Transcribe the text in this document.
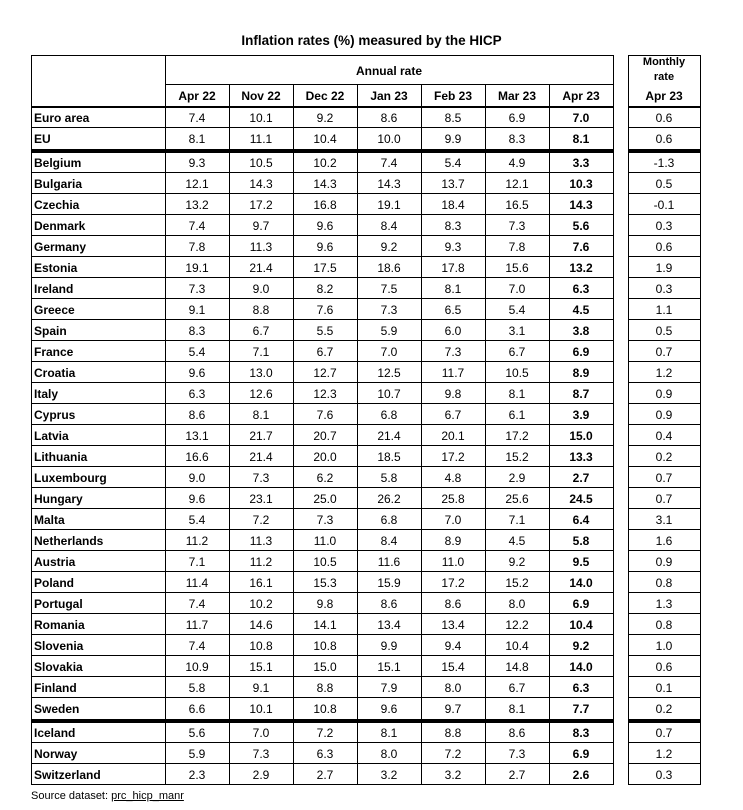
Inflation rates (%) measured by the HICP
Annual rate
Monthly
rate
Apr 22	Nov 22	Dec 22	Jan 23	Feb 23	Mar 23	Apr 23	Apr 23
Euro area	7.4	10.1	9.2	8.6	8.5	6.9	7.0	0.6
EU	8.1	11.1	10.4	10.0	9.9	8.3	8.1	0.6
Belgium	9.3	10.5	10.2	7.4	5.4	4.9	3.3	-1.3
Bulgaria	12.1	14.3	14.3	14.3	13.7	12.1	10.3	0.5
Czechia	13.2	17.2	16.8	19.1	18.4	16.5	14.3	-0.1
Denmark	7.4	9.7	9.6	8.4	8.3	7.3	5.6	0.3
Germany	7.8	11.3	9.6	9.2	9.3	7.8	7.6	0.6
Estonia	19.1	21.4	17.5	18.6	17.8	15.6	13.2	1.9
Ireland	7.3	9.0	8.2	7.5	8.1	7.0	6.3	0.3
Greece	9.1	8.8	7.6	7.3	6.5	5.4	4.5	1.1
Spain	8.3	6.7	5.5	5.9	6.0	3.1	3.8	0.5
France	5.4	7.1	6.7	7.0	7.3	6.7	6.9	0.7
Croatia	9.6	13.0	12.7	12.5	11.7	10.5	8.9	1.2
Italy	6.3	12.6	12.3	10.7	9.8	8.1	8.7	0.9
Cyprus	8.6	8.1	7.6	6.8	6.7	6.1	3.9	0.9
Latvia	13.1	21.7	20.7	21.4	20.1	17.2	15.0	0.4
Lithuania	16.6	21.4	20.0	18.5	17.2	15.2	13.3	0.2
Luxembourg	9.0	7.3	6.2	5.8	4.8	2.9	2.7	0.7
Hungary	9.6	23.1	25.0	26.2	25.8	25.6	24.5	0.7
Malta	5.4	7.2	7.3	6.8	7.0	7.1	6.4	3.1
Netherlands	11.2	11.3	11.0	8.4	8.9	4.5	5.8	1.6
Austria	7.1	11.2	10.5	11.6	11.0	9.2	9.5	0.9
Poland	11.4	16.1	15.3	15.9	17.2	15.2	14.0	0.8
Portugal	7.4	10.2	9.8	8.6	8.6	8.0	6.9	1.3
Romania	11.7	14.6	14.1	13.4	13.4	12.2	10.4	0.8
Slovenia	7.4	10.8	10.8	9.9	9.4	10.4	9.2	1.0
Slovakia	10.9	15.1	15.0	15.1	15.4	14.8	14.0	0.6
Finland	5.8	9.1	8.8	7.9	8.0	6.7	6.3	0.1
Sweden	6.6	10.1	10.8	9.6	9.7	8.1	7.7	0.2
Iceland	5.6	7.0	7.2	8.1	8.8	8.6	8.3	0.7
Norway	5.9	7.3	6.3	8.0	7.2	7.3	6.9	1.2
Switzerland	2.3	2.9	2.7	3.2	3.2	2.7	2.6	0.3
Source dataset: prc_hicp_manr
